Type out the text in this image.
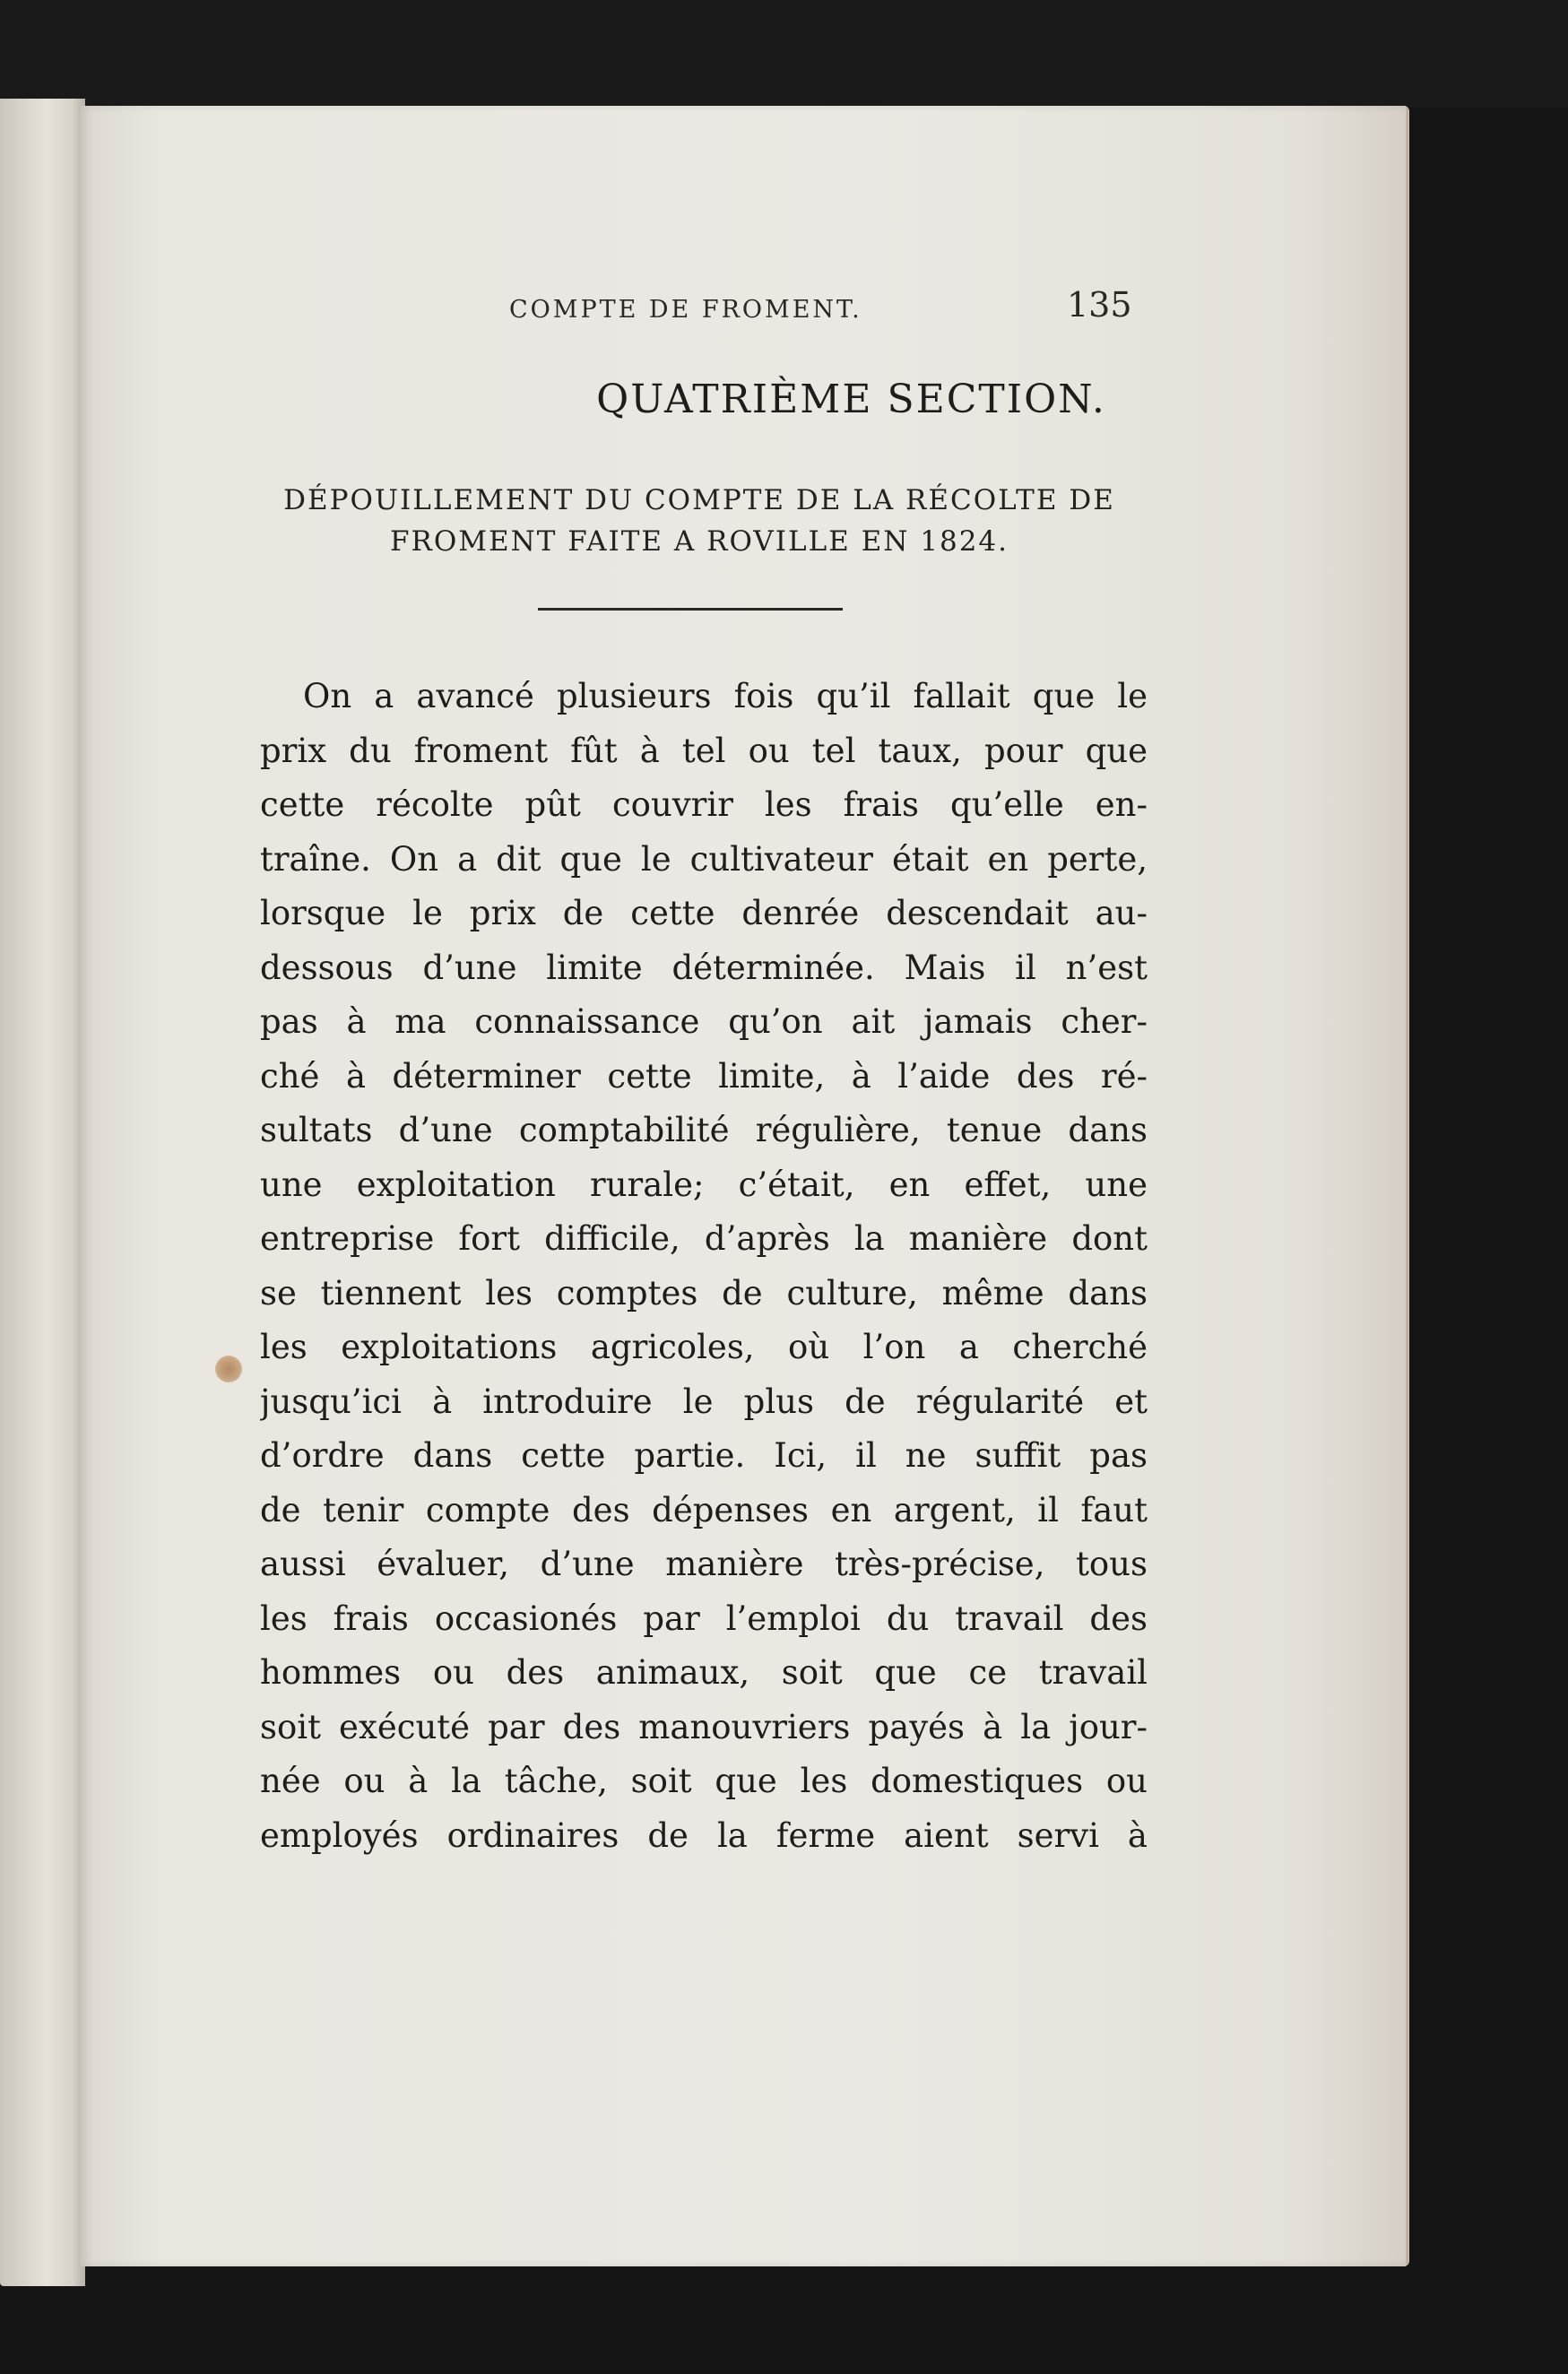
COMPTE DE FROMENT.	135
QUATRIÈME SECTION.
DÉPOUILLEMENT DU COMPTE DE LA RÉCOLTE DE
FROMENT FAITE A ROVILLE EN 1824.
On a avancé plusieurs fois qu’il fallait que le
prix du froment fût à tel ou tel taux, pour que
cette récolte pût couvrir les frais qu’elle en-
traîne. On a dit que le cultivateur était en perte,
lorsque le prix de cette denrée descendait au-
dessous d’une limite déterminée. Mais il n’est
pas à ma connaissance qu’on ait jamais cher-
ché à déterminer cette limite, à l’aide des ré-
sultats d’une comptabilité régulière, tenue dans
une exploitation rurale; c’était, en effet, une
entreprise fort difficile, d’après la manière dont
se tiennent les comptes de culture, même dans
les exploitations agricoles, où l’on a cherché
jusqu’ici à introduire le plus de régularité et
d’ordre dans cette partie. Ici, il ne suffit pas
de tenir compte des dépenses en argent, il faut
aussi évaluer, d’une manière très-précise, tous
les frais occasionés par l’emploi du travail des
hommes ou des animaux, soit que ce travail
soit exécuté par des manouvriers payés à la jour-
née ou à la tâche, soit que les domestiques ou
employés ordinaires de la ferme aient servi à
